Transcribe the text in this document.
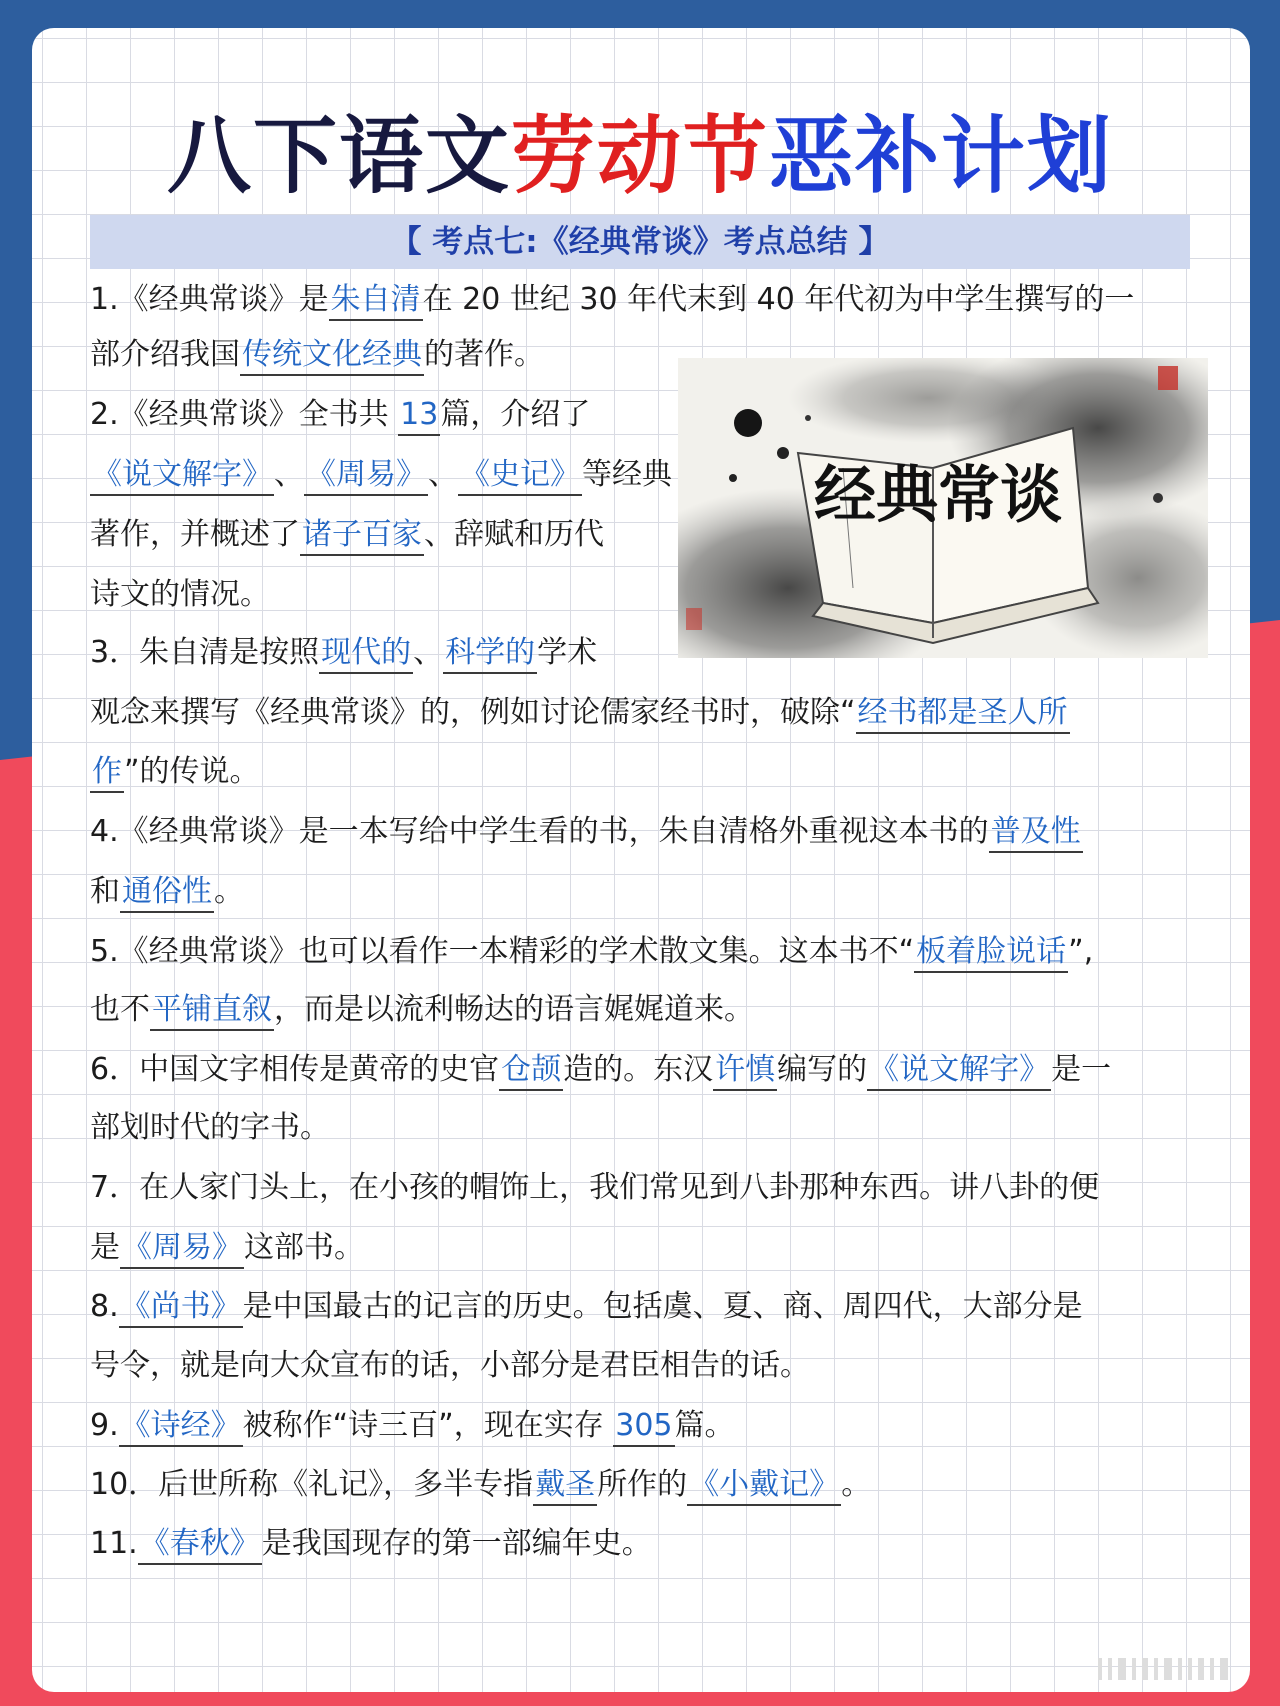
八下语文劳动节恶补计划
【 考点七:《经典常谈》考点总结 】
1.《经典常谈》是朱自清在 20 世纪 30 年代末到 40 年代初为中学生撰写的一
部介绍我国传统文化经典的著作。
2.《经典常谈》全书共 13篇，介绍了
《说文解字》、《周易》、《史记》等经典
著作，并概述了诸子百家、辞赋和历代
诗文的情况。
3．朱自清是按照现代的、科学的学术
观念来撰写《经典常谈》的，例如讨论儒家经书时，破除“经书都是圣人所
作”的传说。
4.《经典常谈》是一本写给中学生看的书，朱自清格外重视这本书的普及性
和通俗性。
5.《经典常谈》也可以看作一本精彩的学术散文集。这本书不“板着脸说话”,
也不平铺直叙，而是以流利畅达的语言娓娓道来。
6．中国文字相传是黄帝的史官仓颉造的。东汉许慎编写的《说文解字》是一
部划时代的字书。
7．在人家门头上，在小孩的帽饰上，我们常见到八卦那种东西。讲八卦的便
是《周易》这部书。
8.《尚书》是中国最古的记言的历史。包括虞、夏、商、周四代，大部分是
号令，就是向大众宣布的话，小部分是君臣相告的话。
9.《诗经》被称作“诗三百”，现在实存 305篇。
10．后世所称《礼记》，多半专指戴圣所作的《小戴记》。
11.《春秋》是我国现存的第一部编年史。
经典常谈
